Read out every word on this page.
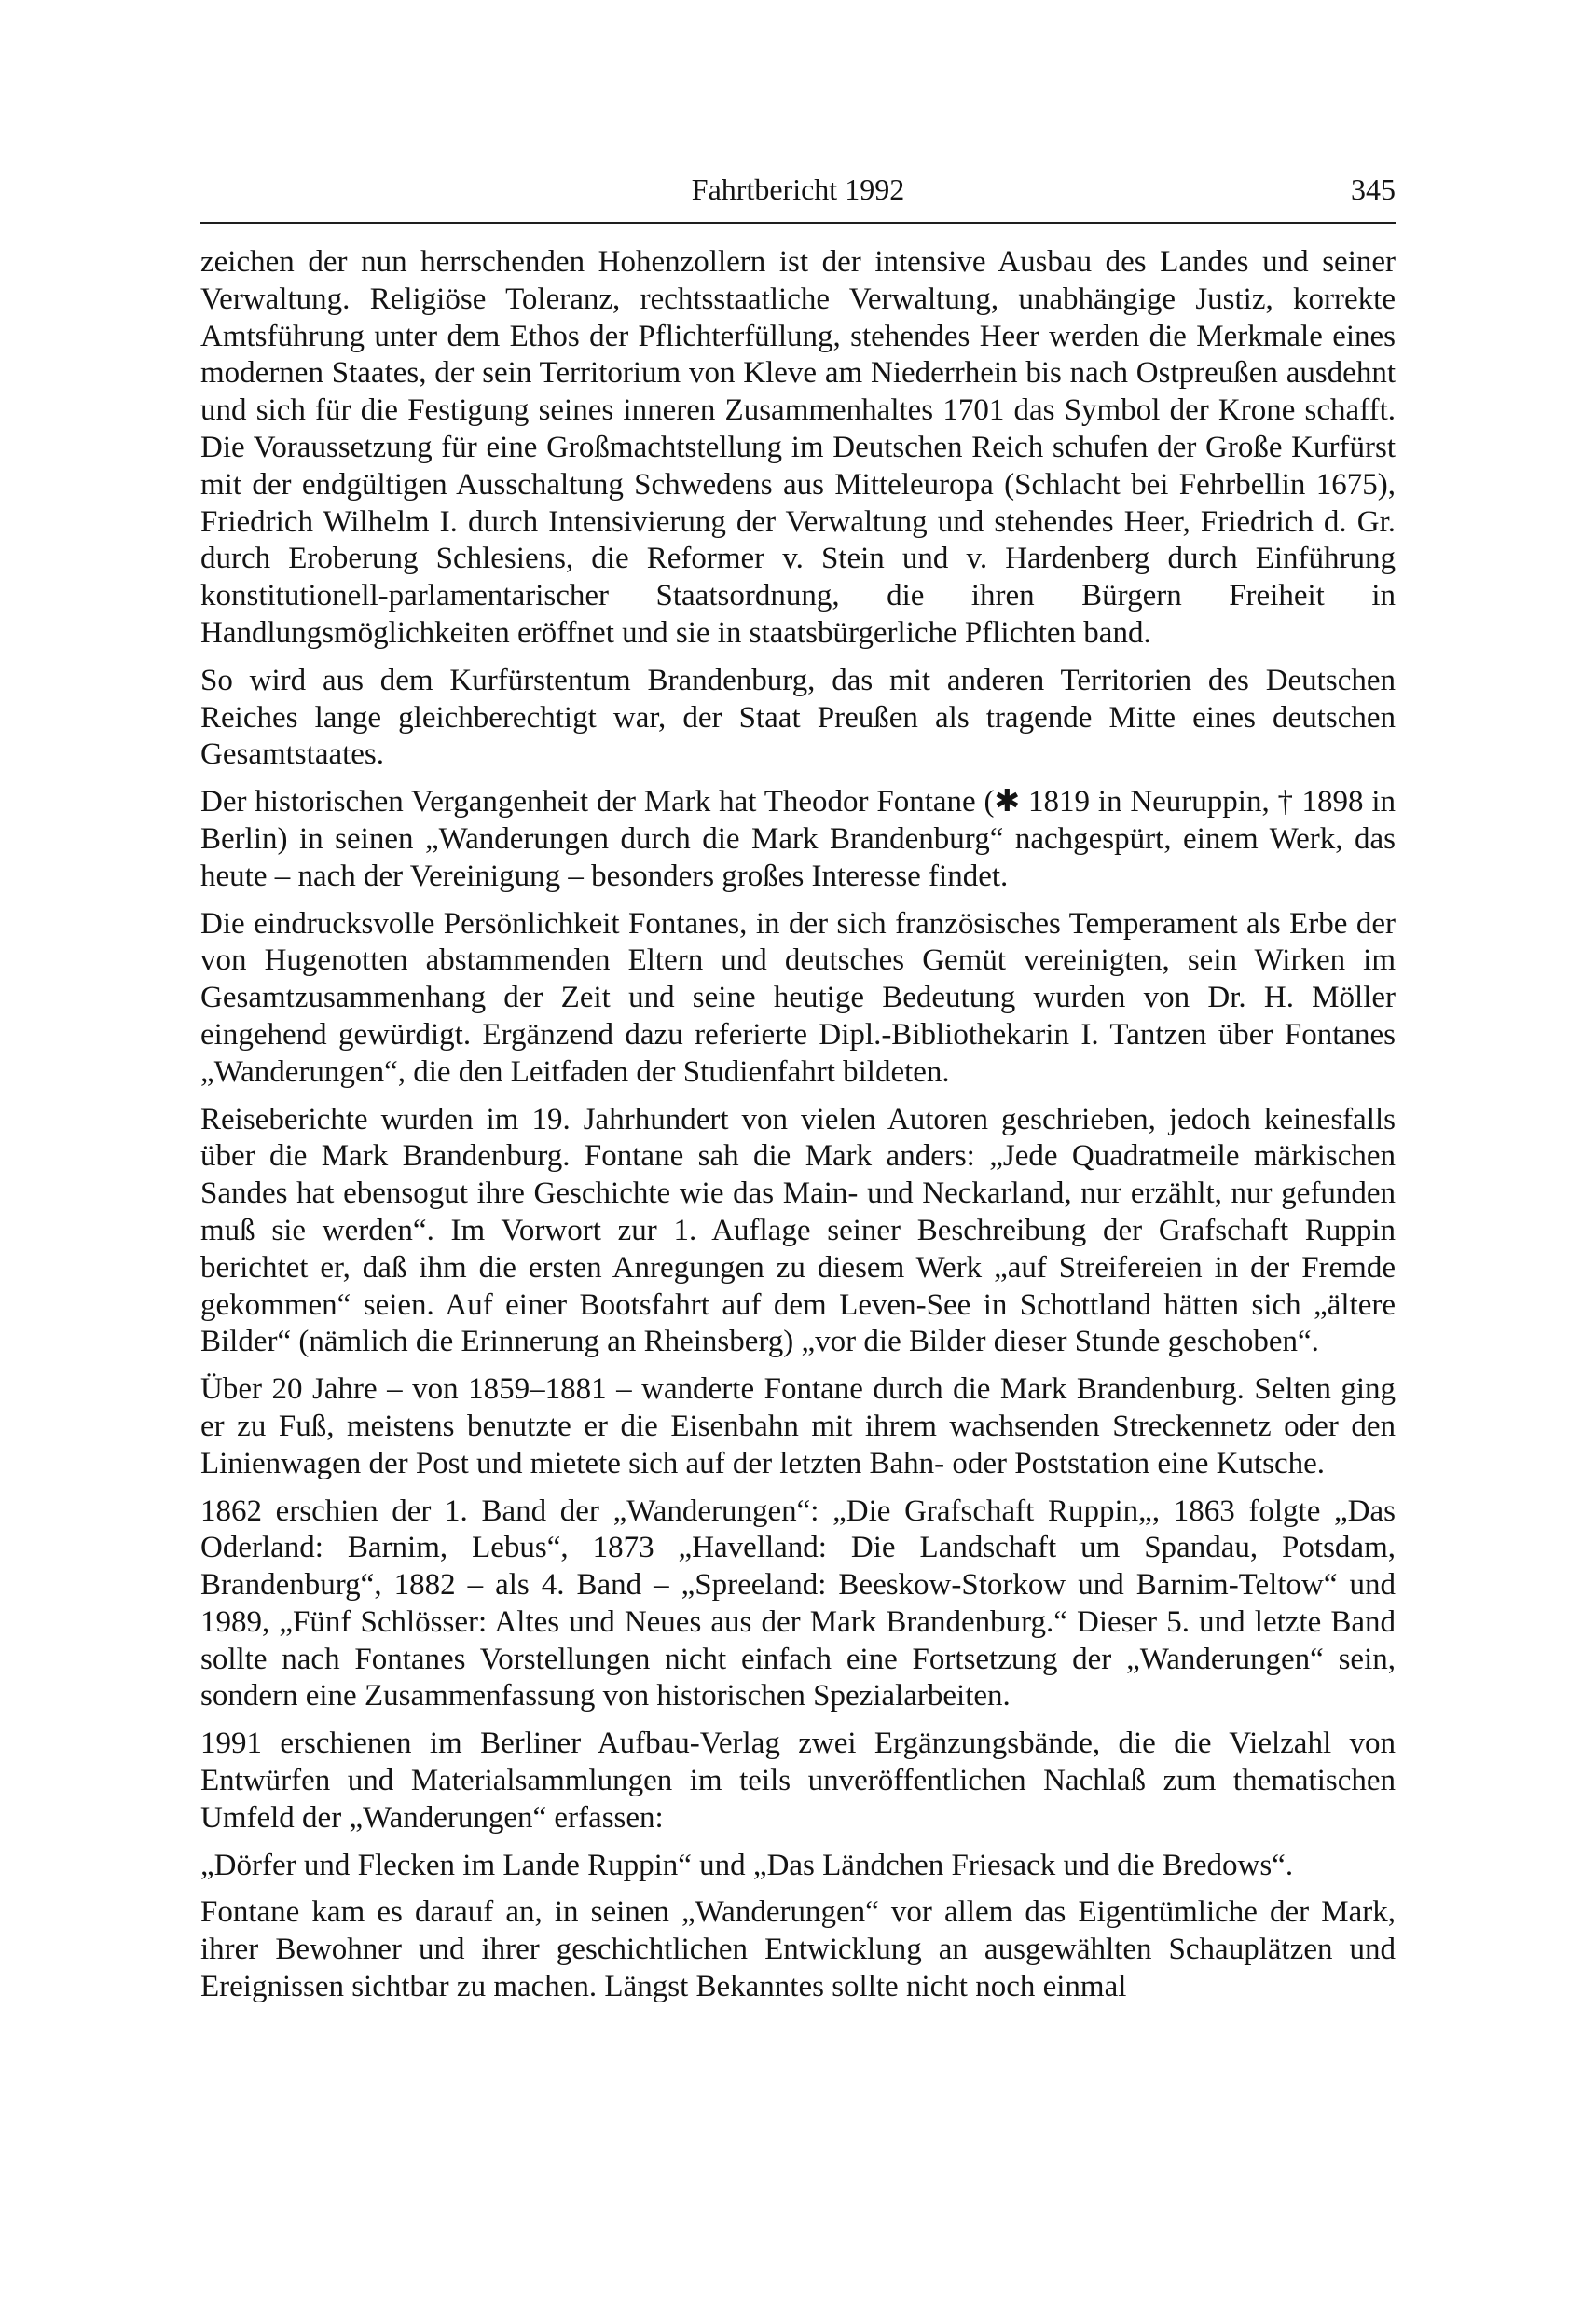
Fahrtbericht 1992	345

zeichen der nun herrschenden Hohenzollern ist der intensive Ausbau des Landes und seiner Verwaltung. Religiöse Toleranz, rechtsstaatliche Verwaltung, unabhängige Justiz, korrekte Amtsführung unter dem Ethos der Pflichterfüllung, stehendes Heer werden die Merkmale eines modernen Staates, der sein Territorium von Kleve am Niederrhein bis nach Ostpreußen ausdehnt und sich für die Festigung seines inneren Zusammenhaltes 1701 das Symbol der Krone schafft. Die Voraussetzung für eine Großmachtstellung im Deutschen Reich schufen der Große Kurfürst mit der endgültigen Ausschaltung Schwedens aus Mitteleuropa (Schlacht bei Fehrbellin 1675), Friedrich Wilhelm I. durch Intensivierung der Verwaltung und stehendes Heer, Friedrich d. Gr. durch Eroberung Schlesiens, die Reformer v. Stein und v. Hardenberg durch Einführung konstitutionell-parlamentarischer Staatsordnung, die ihren Bürgern Freiheit in Handlungsmöglichkeiten eröffnet und sie in staatsbürgerliche Pflichten band.

So wird aus dem Kurfürstentum Brandenburg, das mit anderen Territorien des Deutschen Reiches lange gleichberechtigt war, der Staat Preußen als tragende Mitte eines deutschen Gesamtstaates.

Der historischen Vergangenheit der Mark hat Theodor Fontane (✱ 1819 in Neuruppin, † 1898 in Berlin) in seinen „Wanderungen durch die Mark Brandenburg“ nachgespürt, einem Werk, das heute – nach der Vereinigung – besonders großes Interesse findet.

Die eindrucksvolle Persönlichkeit Fontanes, in der sich französisches Temperament als Erbe der von Hugenotten abstammenden Eltern und deutsches Gemüt vereinigten, sein Wirken im Gesamtzusammenhang der Zeit und seine heutige Bedeutung wurden von Dr. H. Möller eingehend gewürdigt. Ergänzend dazu referierte Dipl.-Bibliothekarin I. Tantzen über Fontanes „Wanderungen“, die den Leitfaden der Studienfahrt bildeten.

Reiseberichte wurden im 19. Jahrhundert von vielen Autoren geschrieben, jedoch keinesfalls über die Mark Brandenburg. Fontane sah die Mark anders: „Jede Quadratmeile märkischen Sandes hat ebensogut ihre Geschichte wie das Main- und Neckarland, nur erzählt, nur gefunden muß sie werden“. Im Vorwort zur 1. Auflage seiner Beschreibung der Grafschaft Ruppin berichtet er, daß ihm die ersten Anregungen zu diesem Werk „auf Streifereien in der Fremde gekommen“ seien. Auf einer Bootsfahrt auf dem Leven-See in Schottland hätten sich „ältere Bilder“ (nämlich die Erinnerung an Rheinsberg) „vor die Bilder dieser Stunde geschoben“.

Über 20 Jahre – von 1859–1881 – wanderte Fontane durch die Mark Brandenburg. Selten ging er zu Fuß, meistens benutzte er die Eisenbahn mit ihrem wachsenden Streckennetz oder den Linienwagen der Post und mietete sich auf der letzten Bahn- oder Poststation eine Kutsche.

1862 erschien der 1. Band der „Wanderungen“: „Die Grafschaft Ruppin„, 1863 folgte „Das Oderland: Barnim, Lebus“, 1873 „Havelland: Die Landschaft um Spandau, Potsdam, Brandenburg“, 1882 – als 4. Band – „Spreeland: Beeskow-Storkow und Barnim-Teltow“ und 1989, „Fünf Schlösser: Altes und Neues aus der Mark Brandenburg.“ Dieser 5. und letzte Band sollte nach Fontanes Vorstellungen nicht einfach eine Fortsetzung der „Wanderungen“ sein, sondern eine Zusammenfassung von historischen Spezialarbeiten.

1991 erschienen im Berliner Aufbau-Verlag zwei Ergänzungsbände, die die Vielzahl von Entwürfen und Materialsammlungen im teils unveröffentlichen Nachlaß zum thematischen Umfeld der „Wanderungen“ erfassen:

„Dörfer und Flecken im Lande Ruppin“ und „Das Ländchen Friesack und die Bredows“.

Fontane kam es darauf an, in seinen „Wanderungen“ vor allem das Eigentümliche der Mark, ihrer Bewohner und ihrer geschichtlichen Entwicklung an ausgewählten Schauplätzen und Ereignissen sichtbar zu machen. Längst Bekanntes sollte nicht noch einmal
